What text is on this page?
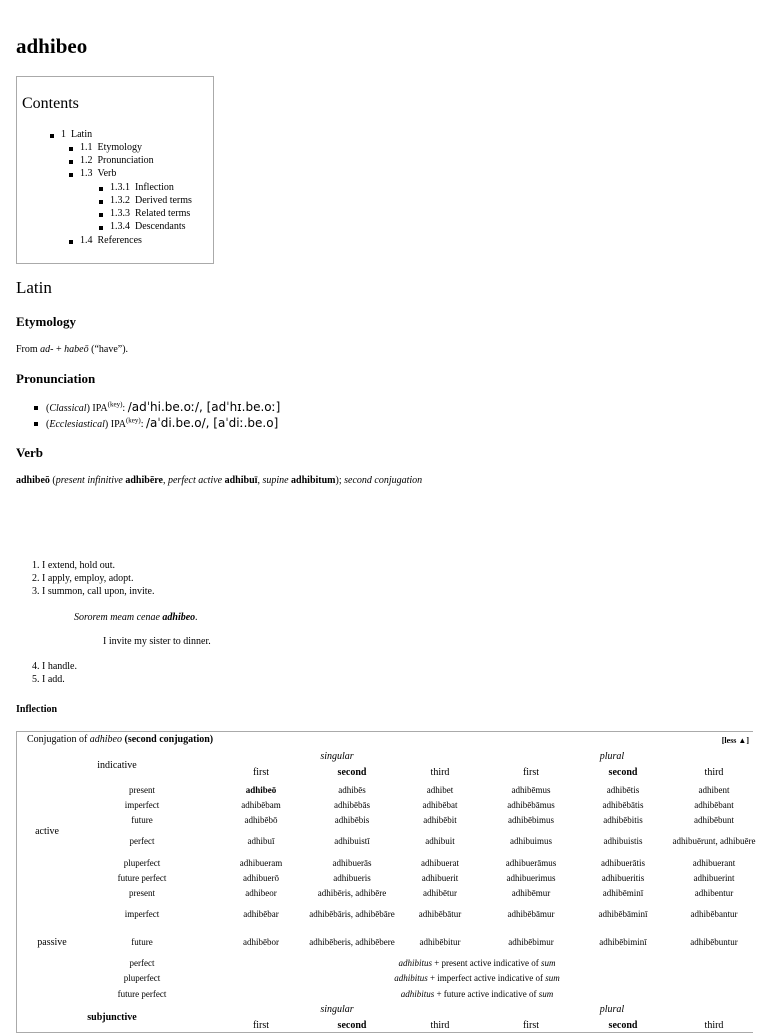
adhibeo
Contents
1 Latin
1.1 Etymology
1.2 Pronunciation
1.3 Verb
1.3.1 Inflection
1.3.2 Derived terms
1.3.3 Related terms
1.3.4 Descendants
1.4 References
Latin
Etymology
From ad- + habeō (“have”).
Pronunciation
(Classical) $IPA^{(key)}$: /adˈhi.be.oː/, [adˈhɪ.be.oː]
(Ecclesiastical) $IPA^{(key)}$: /aˈdi.be.o/, [aˈdiː.be.o]
Verb
adhibeō (present infinitive adhibēre, perfect active adhibuī, supine adhibitum); second conjugation
1. I extend, hold out.
2. I apply, employ, adopt.
3. I summon, call upon, invite.
Sororem meam cenae adhibeo.
I invite my sister to dinner.
4. I handle.
5. I add.
Inflection
Conjugation of adhibeo (second conjugation)	[less ▲]
indicative
singular	plural
first	second	third	first	second	third
active
present	adhibeō	adhibēs	adhibet	adhibēmus	adhibētis	adhibent
imperfect	adhibēbam	adhibēbās	adhibēbat	adhibēbāmus	adhibēbātis	adhibēbant
future	adhibēbō	adhibēbis	adhibēbit	adhibēbimus	adhibēbitis	adhibēbunt
perfect	adhibuī	adhibuistī	adhibuit	adhibuimus	adhibuistis	adhibuērunt, adhibuēre
pluperfect	adhibueram	adhibuerās	adhibuerat	adhibuerāmus	adhibuerātis	adhibuerant
future perfect	adhibuerō	adhibueris	adhibuerit	adhibuerimus	adhibueritis	adhibuerint
passive
present	adhibeor	adhibēris, adhibēre	adhibētur	adhibēmur	adhibēminī	adhibentur
imperfect	adhibēbar	adhibēbāris, adhibēbāre	adhibēbātur	adhibēbāmur	adhibēbāminī	adhibēbantur
future	adhibēbor	adhibēberis, adhibēbere	adhibēbitur	adhibēbimur	adhibēbiminī	adhibēbuntur
perfect	adhibitus + present active indicative of sum
pluperfect	adhibitus + imperfect active indicative of sum
future perfect	adhibitus + future active indicative of sum
subjunctive
singular	plural
first	second	third	first	second	third
